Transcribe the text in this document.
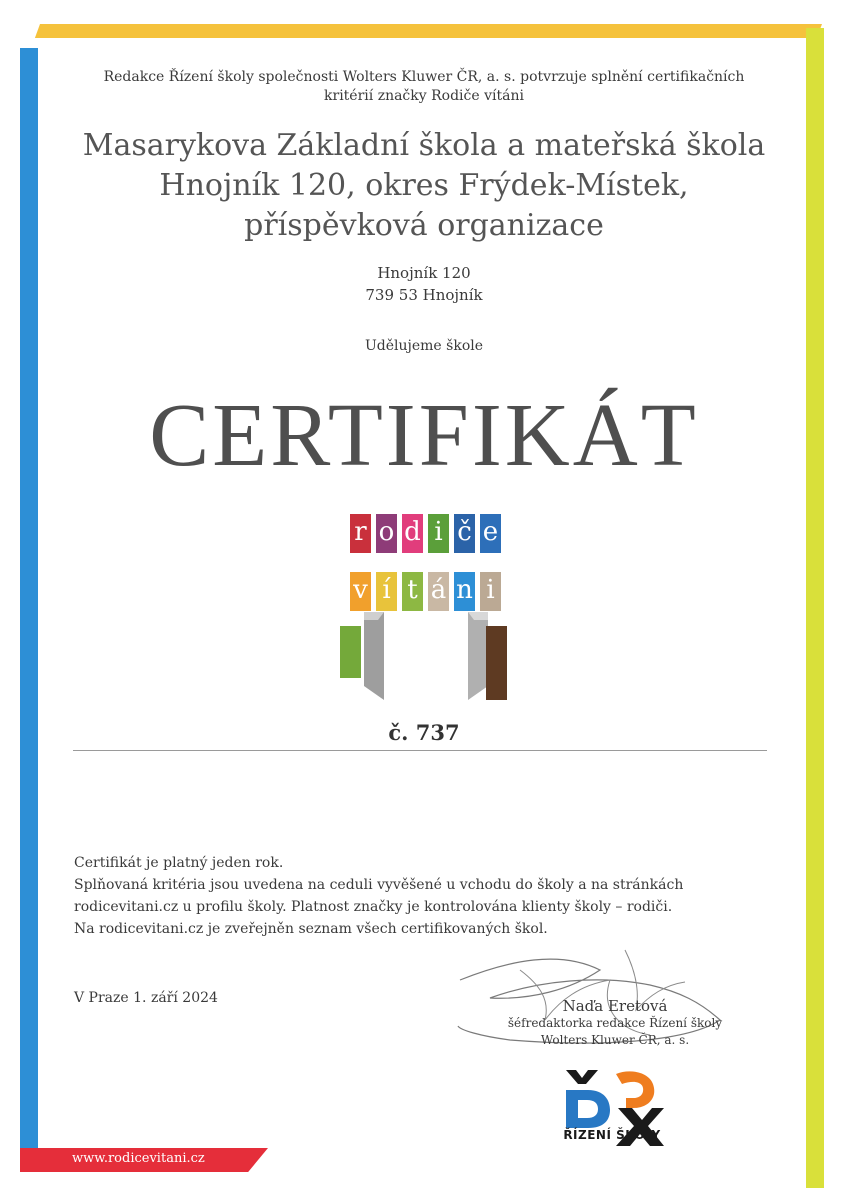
www.rodicevitani.cz
Redakce Řízení školy společnosti Wolters Kluwer ČR, a. s. potvrzuje splnění certifikačních
kritérií značky Rodiče vítáni
Masarykova Základní škola a mateřská škola
Hnojník 120, okres Frýdek-Místek,
příspěvková organizace
Hnojník 120
739 53 Hnojník
Udělujeme škole
CERTIFIKÁT
r o d i č e
v í t á n i
č. 737
Certifikát je platný jeden rok.
Splňovaná kritéria jsou uvedena na ceduli vyvěšené u vchodu do školy a na stránkách
rodicevitani.cz u profilu školy. Platnost značky je kontrolována klienty školy – rodiči.
Na rodicevitani.cz je zveřejněn seznam všech certifikovaných škol.
V Praze 1. září 2024	Naďa Eretová
šéfredaktorka redakce Řízení školy
Wolters Kluwer ČR, a. s.
ŘÍZENÍ ŠKOLY
